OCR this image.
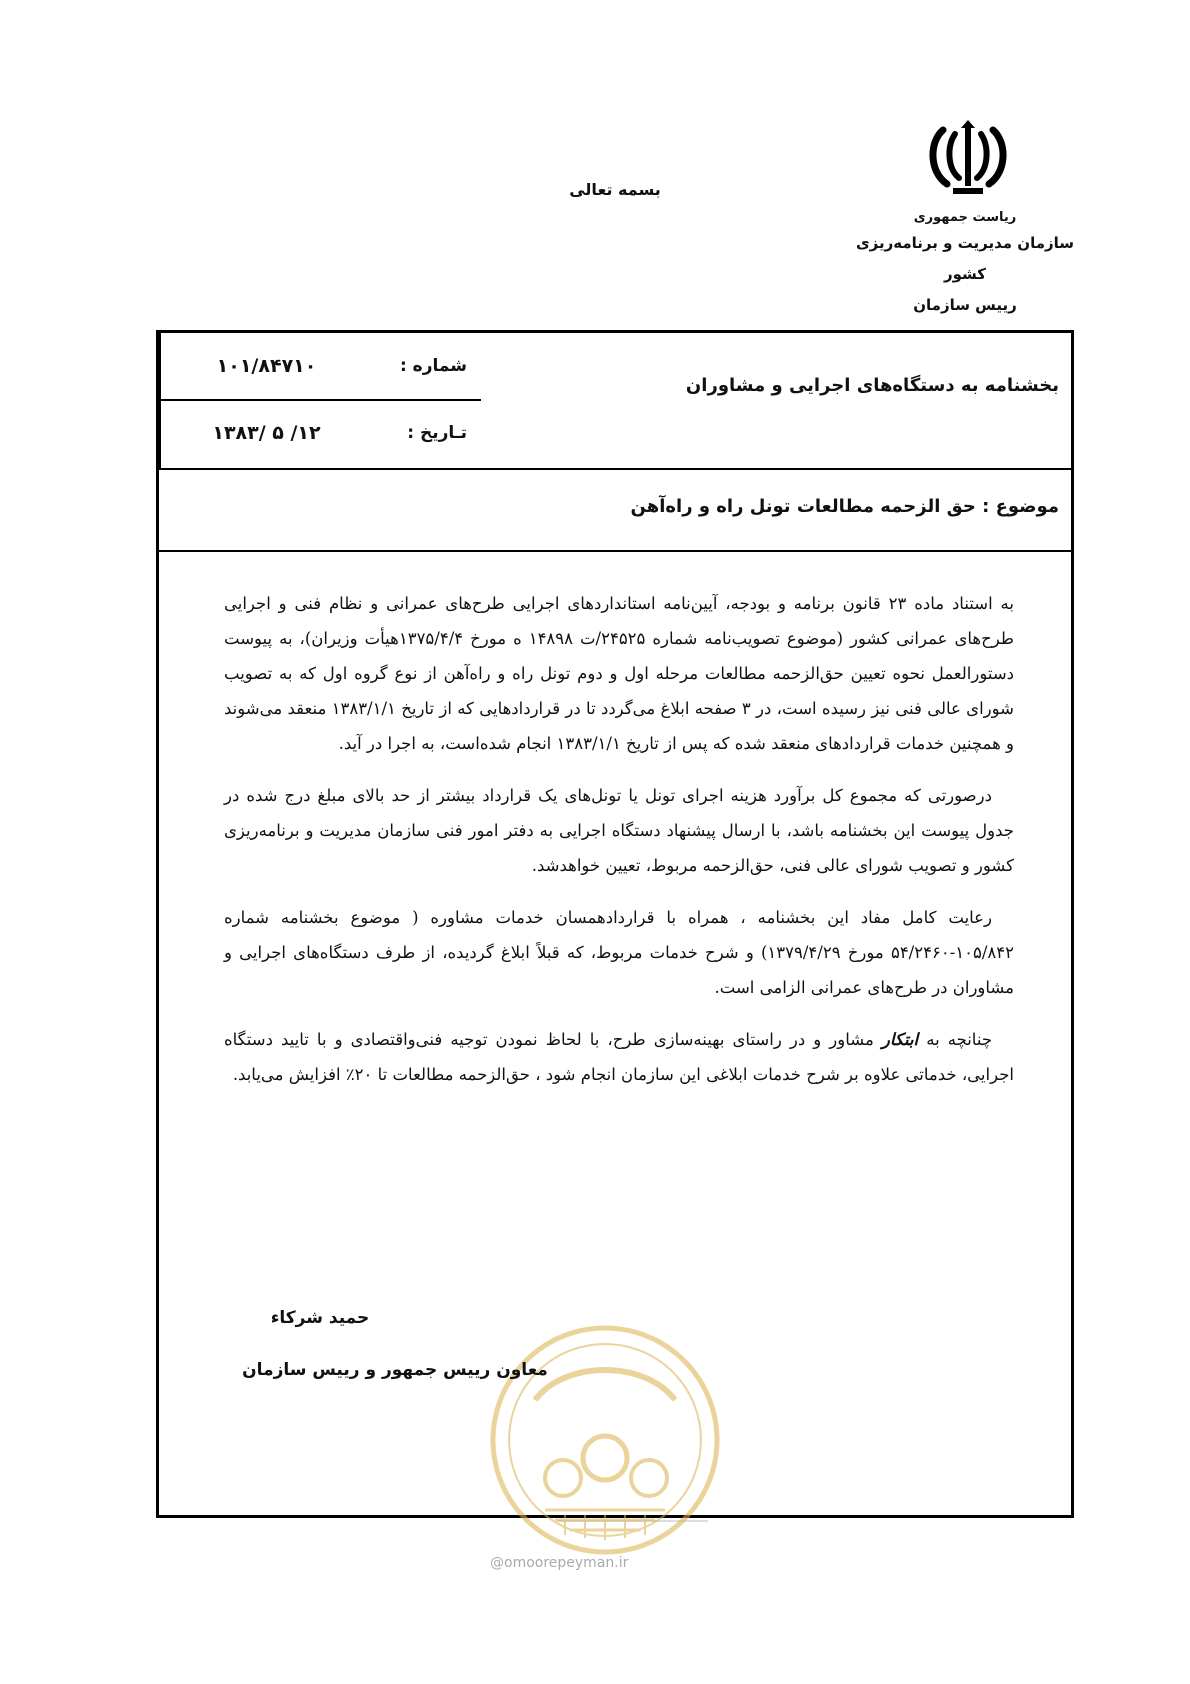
ریاست جمهوری
سازمان مدیریت و برنامه‌ریزی کشور
رییس سازمان
بسمه تعالی
بخشنامه به دستگاه‌های اجرایی و مشاوران
شماره :
۱۰۱/۸۴۷۱۰
تـاریخ :
۱۳۸۳/ ۵ /۱۲
موضوع : حق الزحمه مطالعات تونل راه و راه‌آهن

به استناد ماده ۲۳ قانون برنامه و بودجه، آیین‌نامه استانداردهای اجرایی طرح‌های عمرانی و نظام فنی و اجرایی طرح‌های عمرانی کشور (موضوع تصویب‌نامه شماره ۲۴۵۲۵/ت ۱۴۸۹۸ ه مورخ ۱۳۷۵/۴/۴هیأت وزیران)، به پیوست دستورالعمل نحوه تعیین حق‌الزحمه مطالعات مرحله اول و دوم تونل راه و راه‌آهن از نوع گروه اول که به تصویب شورای عالی فنی نیز رسیده است، در ۳ صفحه ابلاغ می‌گردد تا در قراردادهایی که از تاریخ ۱۳۸۳/۱/۱ منعقد می‌شوند و همچنین خدمات قراردادهای منعقد شده که پس از تاریخ ۱۳۸۳/۱/۱ انجام شده‌است، به اجرا در آید.

درصورتی که مجموع کل برآورد هزینه اجرای تونل یا تونل‌های یک قرارداد بیشتر از حد بالای مبلغ درج شده در جدول پیوست این بخشنامه باشد، با ارسال پیشنهاد دستگاه اجرایی به دفتر امور فنی سازمان مدیریت و برنامه‌ریزی کشور و تصویب شورای عالی فنی، حق‌الزحمه مربوط، تعیین خواهدشد.

رعایت کامل مفاد این بخشنامه ، همراه با قراردادهمسان خدمات مشاوره ( موضوع بخشنامه شماره ۱۰۵/۸۴۲-۵۴/۲۴۶۰ مورخ ۱۳۷۹/۴/۲۹) و شرح خدمات مربوط، که قبلاً ابلاغ گردیده، از طرف دستگاه‌های اجرایی و مشاوران در طرح‌های عمرانی الزامی است.

چنانچه به ابتکار مشاور و در راستای بهینه‌سازی طرح، با لحاظ نمودن توجیه فنی‌واقتصادی و با تایید دستگاه اجرایی، خدماتی علاوه بر شرح خدمات ابلاغی این سازمان انجام شود ، حق‌الزحمه مطالعات تا ۲۰٪ افزایش می‌یابد.

حمید شرکاء
معاون رییس جمهور و رییس سازمان
@omoorepeyman.ir
